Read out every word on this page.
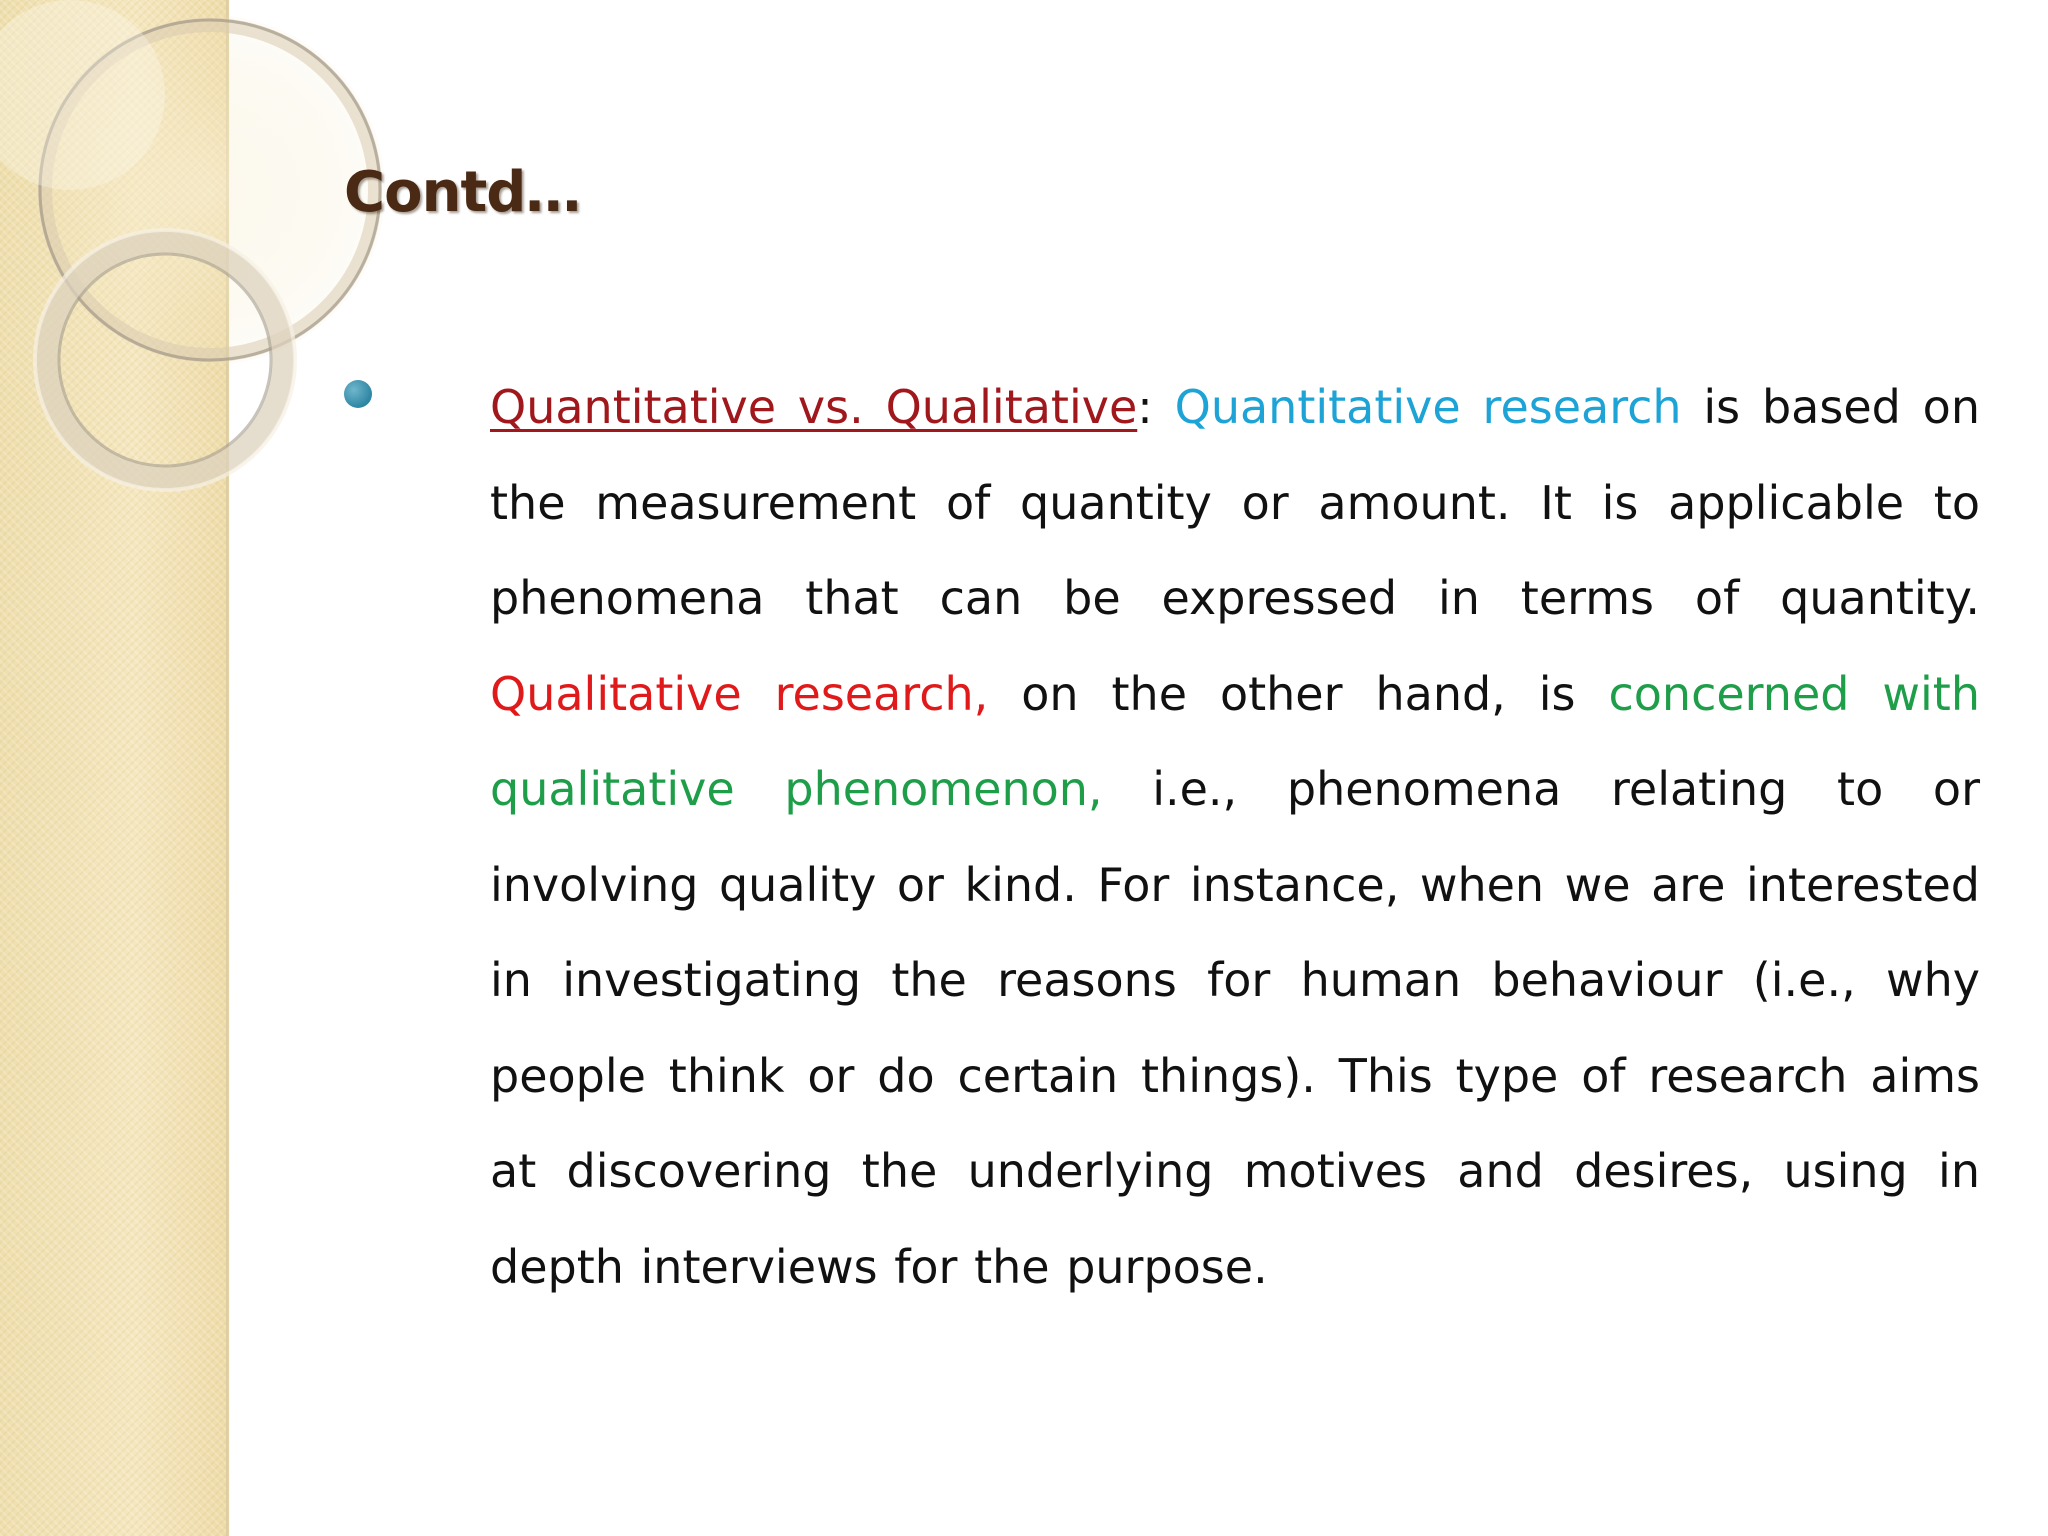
Contd…

Quantitative vs. Qualitative: Quantitative research is based on the measurement of quantity or amount. It is applicable to phenomena that can be expressed in terms of quantity. Qualitative research, on the other hand, is concerned with qualitative phenomenon, i.e., phenomena relating to or involving quality or kind. For instance, when we are interested in investigating the reasons for human behaviour (i.e., why people think or do certain things). This type of research aims at discovering the underlying motives and desires, using in depth interviews for the purpose.
